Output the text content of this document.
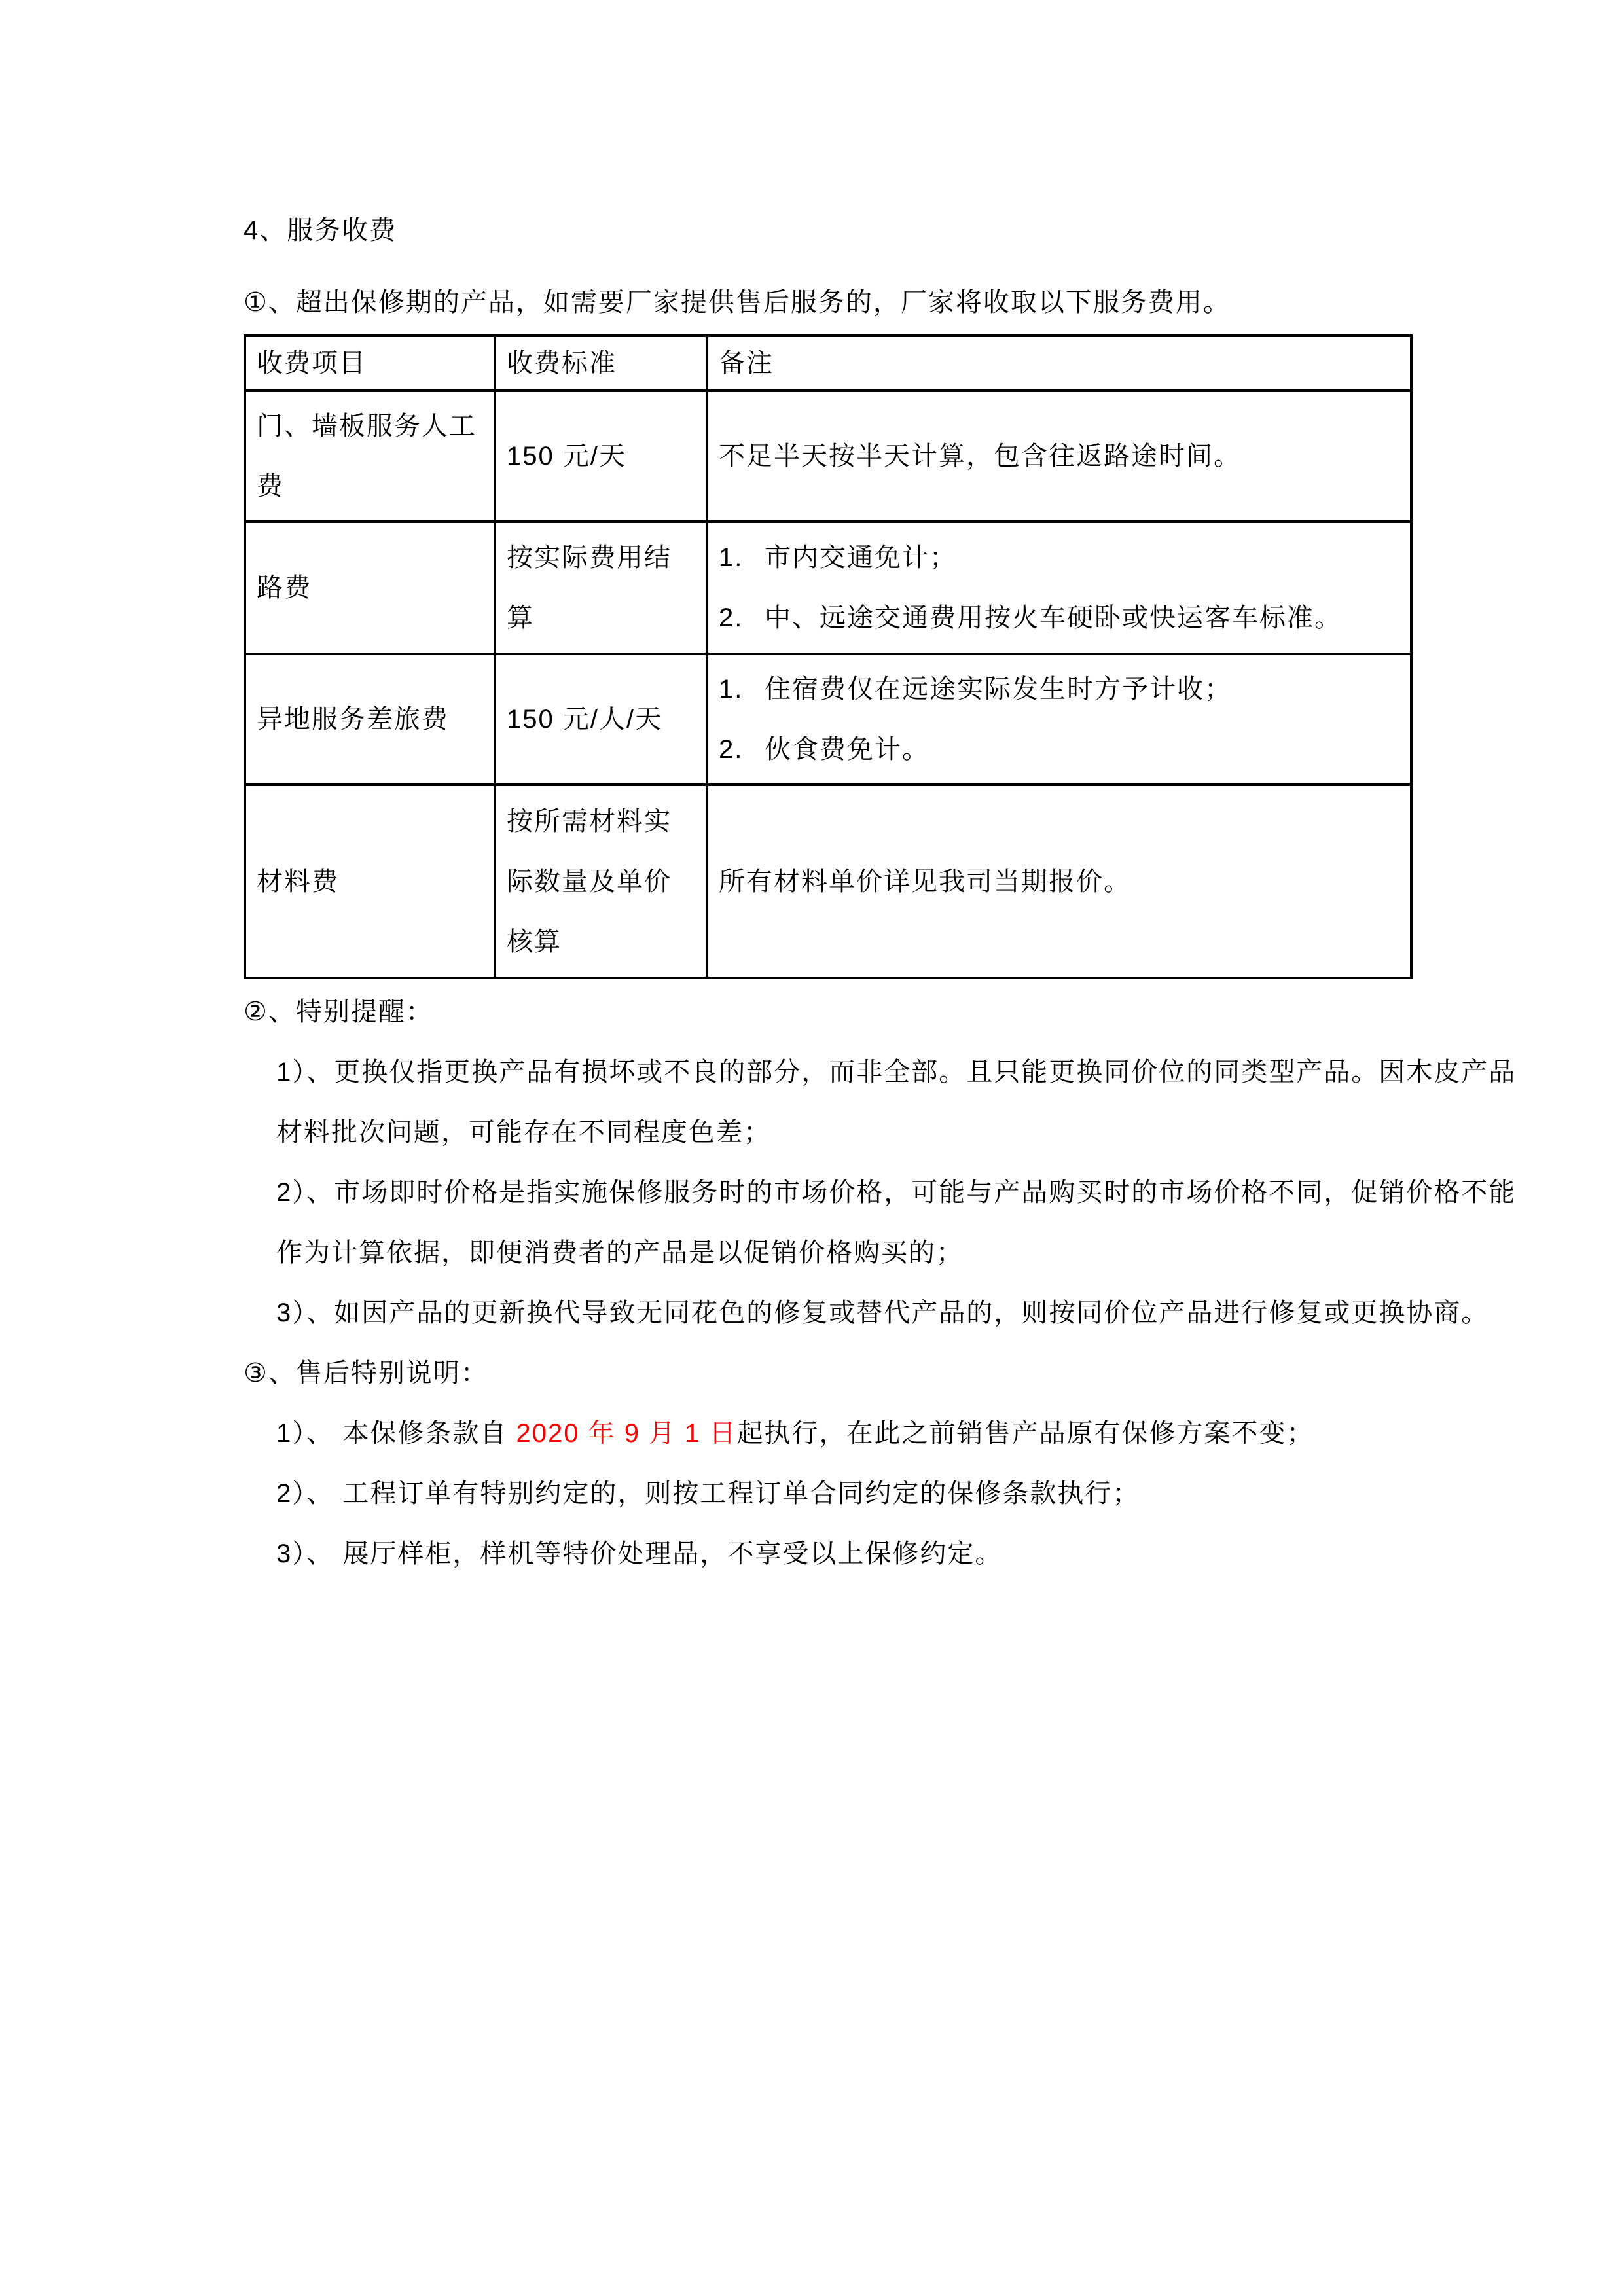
4、服务收费
①、超出保修期的产品，如需要厂家提供售后服务的，厂家将收取以下服务费用。
收费项目	收费标准	备注
门、墙板服务人工费	150 元/天	不足半天按半天计算，包含往返路途时间。

路费	按实际费用结算	1. 市内交通免计；
2. 中、远途交通费用按火车硬卧或快运客车标准。

异地服务差旅费	150 元/人/天	1. 住宿费仅在远途实际发生时方予计收；
2. 伙食费免计。

材料费	按所需材料实际数量及单价核算	所有材料单价详见我司当期报价。

②、特别提醒：

1）、更换仅指更换产品有损坏或不良的部分，而非全部。且只能更换同价位的同类型产品。因木皮产品材料批次问题，可能存在不同程度色差；

2）、市场即时价格是指实施保修服务时的市场价格，可能与产品购买时的市场价格不同，促销价格不能作为计算依据，即便消费者的产品是以促销价格购买的；

3）、如因产品的更新换代导致无同花色的修复或替代产品的，则按同价位产品进行修复或更换协商。

③、售后特别说明：

1）、 本保修条款自 2020 年 9 月 1 日起执行，在此之前销售产品原有保修方案不变；

2）、 工程订单有特别约定的，则按工程订单合同约定的保修条款执行；

3）、 展厅样柜，样机等特价处理品，不享受以上保修约定。
